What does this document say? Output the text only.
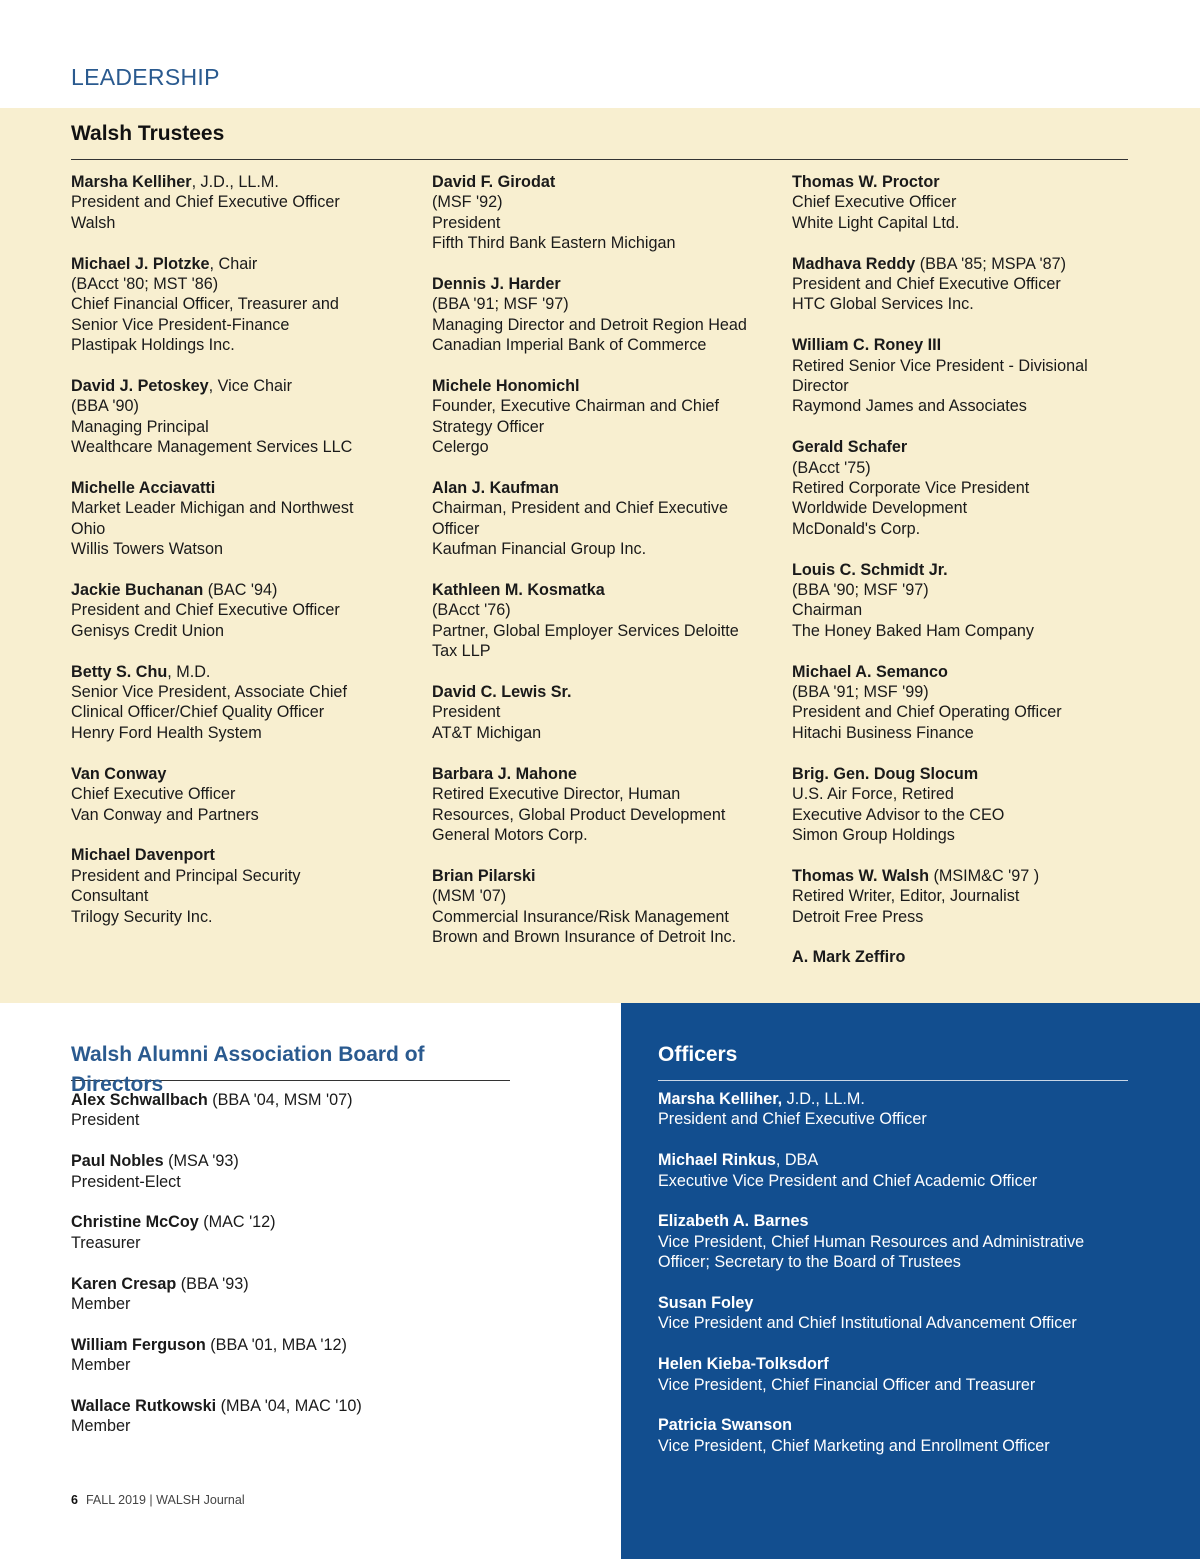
LEADERSHIP
Walsh Trustees
Marsha Kelliher, J.D., LL.M.
President and Chief Executive Officer
Walsh
Michael J. Plotzke, Chair
(BAcct '80; MST '86)
Chief Financial Officer, Treasurer and
Senior Vice President-Finance
Plastipak Holdings Inc.
David J. Petoskey, Vice Chair
(BBA '90)
Managing Principal
Wealthcare Management Services LLC
Michelle Acciavatti
Market Leader Michigan and Northwest
Ohio
Willis Towers Watson
Jackie Buchanan (BAC '94)
President and Chief Executive Officer
Genisys Credit Union
Betty S. Chu, M.D.
Senior Vice President, Associate Chief
Clinical Officer/Chief Quality Officer
Henry Ford Health System
Van Conway
Chief Executive Officer
Van Conway and Partners
Michael Davenport
President and Principal Security
Consultant
Trilogy Security Inc.
David F. Girodat
(MSF '92)
President
Fifth Third Bank Eastern Michigan
Dennis J. Harder
(BBA '91; MSF '97)
Managing Director and Detroit Region Head
Canadian Imperial Bank of Commerce
Michele Honomichl
Founder, Executive Chairman and Chief
Strategy Officer
Celergo
Alan J. Kaufman
Chairman, President and Chief Executive
Officer
Kaufman Financial Group Inc.
Kathleen M. Kosmatka
(BAcct '76)
Partner, Global Employer Services Deloitte
Tax LLP
David C. Lewis Sr.
President
AT&T Michigan
Barbara J. Mahone
Retired Executive Director, Human
Resources, Global Product Development
General Motors Corp.
Brian Pilarski
(MSM '07)
Commercial Insurance/Risk Management
Brown and Brown Insurance of Detroit Inc.
Thomas W. Proctor
Chief Executive Officer
White Light Capital Ltd.
Madhava Reddy (BBA '85; MSPA '87)
President and Chief Executive Officer
HTC Global Services Inc.
William C. Roney III
Retired Senior Vice President - Divisional
Director
Raymond James and Associates
Gerald Schafer
(BAcct '75)
Retired Corporate Vice President
Worldwide Development
McDonald's Corp.
Louis C. Schmidt Jr.
(BBA '90; MSF '97)
Chairman
The Honey Baked Ham Company
Michael A. Semanco
(BBA '91; MSF '99)
President and Chief Operating Officer
Hitachi Business Finance
Brig. Gen. Doug Slocum
U.S. Air Force, Retired
Executive Advisor to the CEO
Simon Group Holdings
Thomas W. Walsh (MSIM&C '97 )
Retired Writer, Editor, Journalist
Detroit Free Press
A. Mark Zeffiro
Walsh Alumni Association Board of Directors
Alex Schwallbach (BBA '04, MSM '07)
President
Paul Nobles (MSA '93)
President-Elect
Christine McCoy (MAC '12)
Treasurer
Karen Cresap (BBA '93)
Member
William Ferguson (BBA '01, MBA '12)
Member
Wallace Rutkowski (MBA '04, MAC '10)
Member
Officers
Marsha Kelliher, J.D., LL.M.
President and Chief Executive Officer
Michael Rinkus, DBA
Executive Vice President and Chief Academic Officer
Elizabeth A. Barnes
Vice President, Chief Human Resources and Administrative
Officer; Secretary to the Board of Trustees
Susan Foley
Vice President and Chief Institutional Advancement Officer
Helen Kieba-Tolksdorf
Vice President, Chief Financial Officer and Treasurer
Patricia Swanson
Vice President, Chief Marketing and Enrollment Officer
6 FALL 2019 | WALSH Journal
